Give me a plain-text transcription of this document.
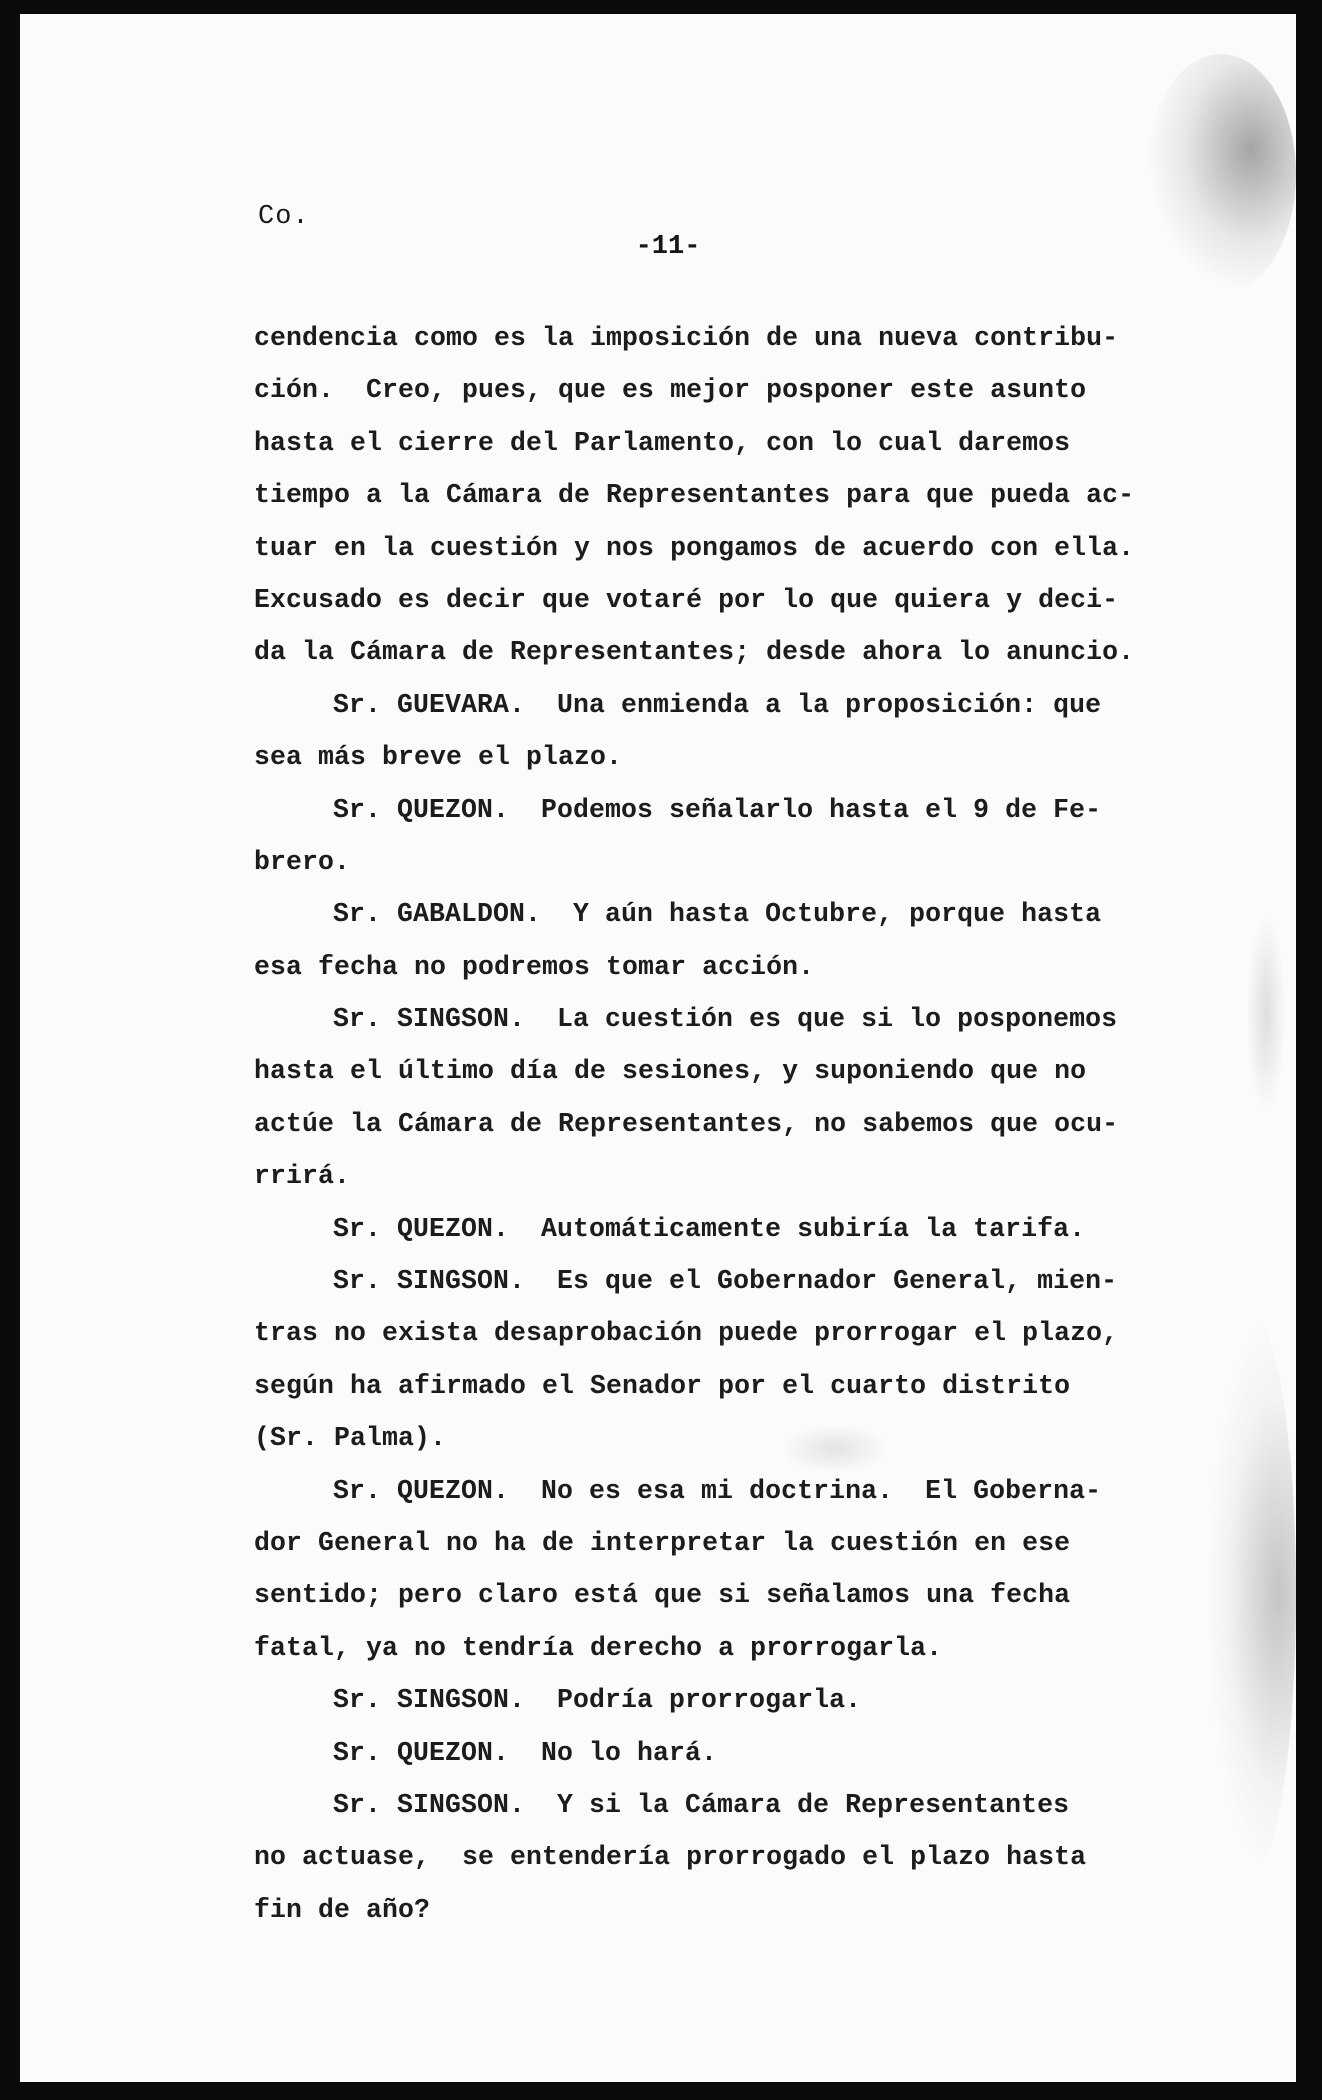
Co.
-11-
cendencia como es la imposición de una nueva contribu-
ción.  Creo, pues, que es mejor posponer este asunto
hasta el cierre del Parlamento, con lo cual daremos
tiempo a la Cámara de Representantes para que pueda ac-
tuar en la cuestión y nos pongamos de acuerdo con ella.
Excusado es decir que votaré por lo que quiera y deci-
da la Cámara de Representantes; desde ahora lo anuncio.
Sr. GUEVARA.  Una enmienda a la proposición: que
sea más breve el plazo.
Sr. QUEZON.  Podemos señalarlo hasta el 9 de Fe-
brero.
Sr. GABALDON.  Y aún hasta Octubre, porque hasta
esa fecha no podremos tomar acción.
Sr. SINGSON.  La cuestión es que si lo posponemos
hasta el último día de sesiones, y suponiendo que no
actúe la Cámara de Representantes, no sabemos que ocu-
rrirá.
Sr. QUEZON.  Automáticamente subiría la tarifa.
Sr. SINGSON.  Es que el Gobernador General, mien-
tras no exista desaprobación puede prorrogar el plazo,
según ha afirmado el Senador por el cuarto distrito
(Sr. Palma).
Sr. QUEZON.  No es esa mi doctrina.  El Goberna-
dor General no ha de interpretar la cuestión en ese
sentido; pero claro está que si señalamos una fecha
fatal, ya no tendría derecho a prorrogarla.
Sr. SINGSON.  Podría prorrogarla.
Sr. QUEZON.  No lo hará.
Sr. SINGSON.  Y si la Cámara de Representantes
no actuase,  se entendería prorrogado el plazo hasta
fin de año?
